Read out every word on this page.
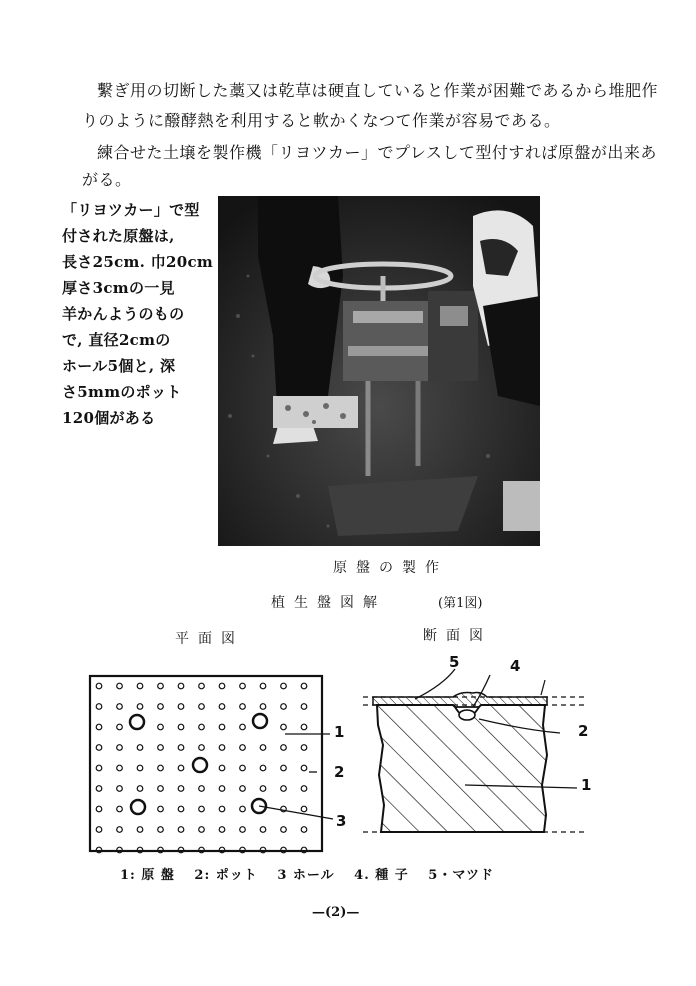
繫ぎ用の切断した藁又は乾草は硬直していると作業が困難であるから堆肥作
りのように醱酵熱を利用すると軟かくなつて作業が容易である。
練合せた土壌を製作機「リヨツカー」でプレスして型付すれば原盤が出来あ
がる。
「リヨツカー」で型
付された原盤は,
長さ25cm. 巾20cm
厚さ3cmの一見
羊かんようのもの
で, 直径2cmの
ホール5個と, 深
さ5mmのポット
120個がある
原盤の製作
植生盤図解	(第1図)
平面図	断面図
1
2
3
5	4
2
1
1: 原 盤　 2: ポット　 3 ホール　 4. 種 子　 5・マツド
—(2)—
